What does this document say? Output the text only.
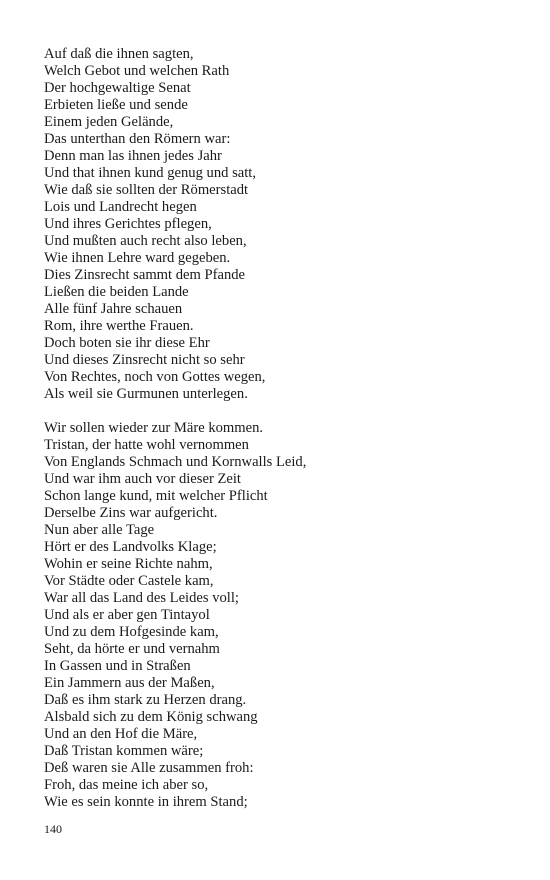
Auf daß die ihnen sagten,
Welch Gebot und welchen Rath
Der hochgewaltige Senat
Erbieten ließe und sende
Einem jeden Gelände,
Das unterthan den Römern war:
Denn man las ihnen jedes Jahr
Und that ihnen kund genug und satt,
Wie daß sie sollten der Römerstadt
Lois und Landrecht hegen
Und ihres Gerichtes pflegen,
Und mußten auch recht also leben,
Wie ihnen Lehre ward gegeben.
Dies Zinsrecht sammt dem Pfande
Ließen die beiden Lande
Alle fünf Jahre schauen
Rom, ihre werthe Frauen.
Doch boten sie ihr diese Ehr
Und dieses Zinsrecht nicht so sehr
Von Rechtes, noch von Gottes wegen,
Als weil sie Gurmunen unterlegen.
Wir sollen wieder zur Märe kommen.
Tristan, der hatte wohl vernommen
Von Englands Schmach und Kornwalls Leid,
Und war ihm auch vor dieser Zeit
Schon lange kund, mit welcher Pflicht
Derselbe Zins war aufgericht.
Nun aber alle Tage
Hört er des Landvolks Klage;
Wohin er seine Richte nahm,
Vor Städte oder Castele kam,
War all das Land des Leides voll;
Und als er aber gen Tintayol
Und zu dem Hofgesinde kam,
Seht, da hörte er und vernahm
In Gassen und in Straßen
Ein Jammern aus der Maßen,
Daß es ihm stark zu Herzen drang.
Alsbald sich zu dem König schwang
Und an den Hof die Märe,
Daß Tristan kommen wäre;
Deß waren sie Alle zusammen froh:
Froh, das meine ich aber so,
Wie es sein konnte in ihrem Stand;
140
